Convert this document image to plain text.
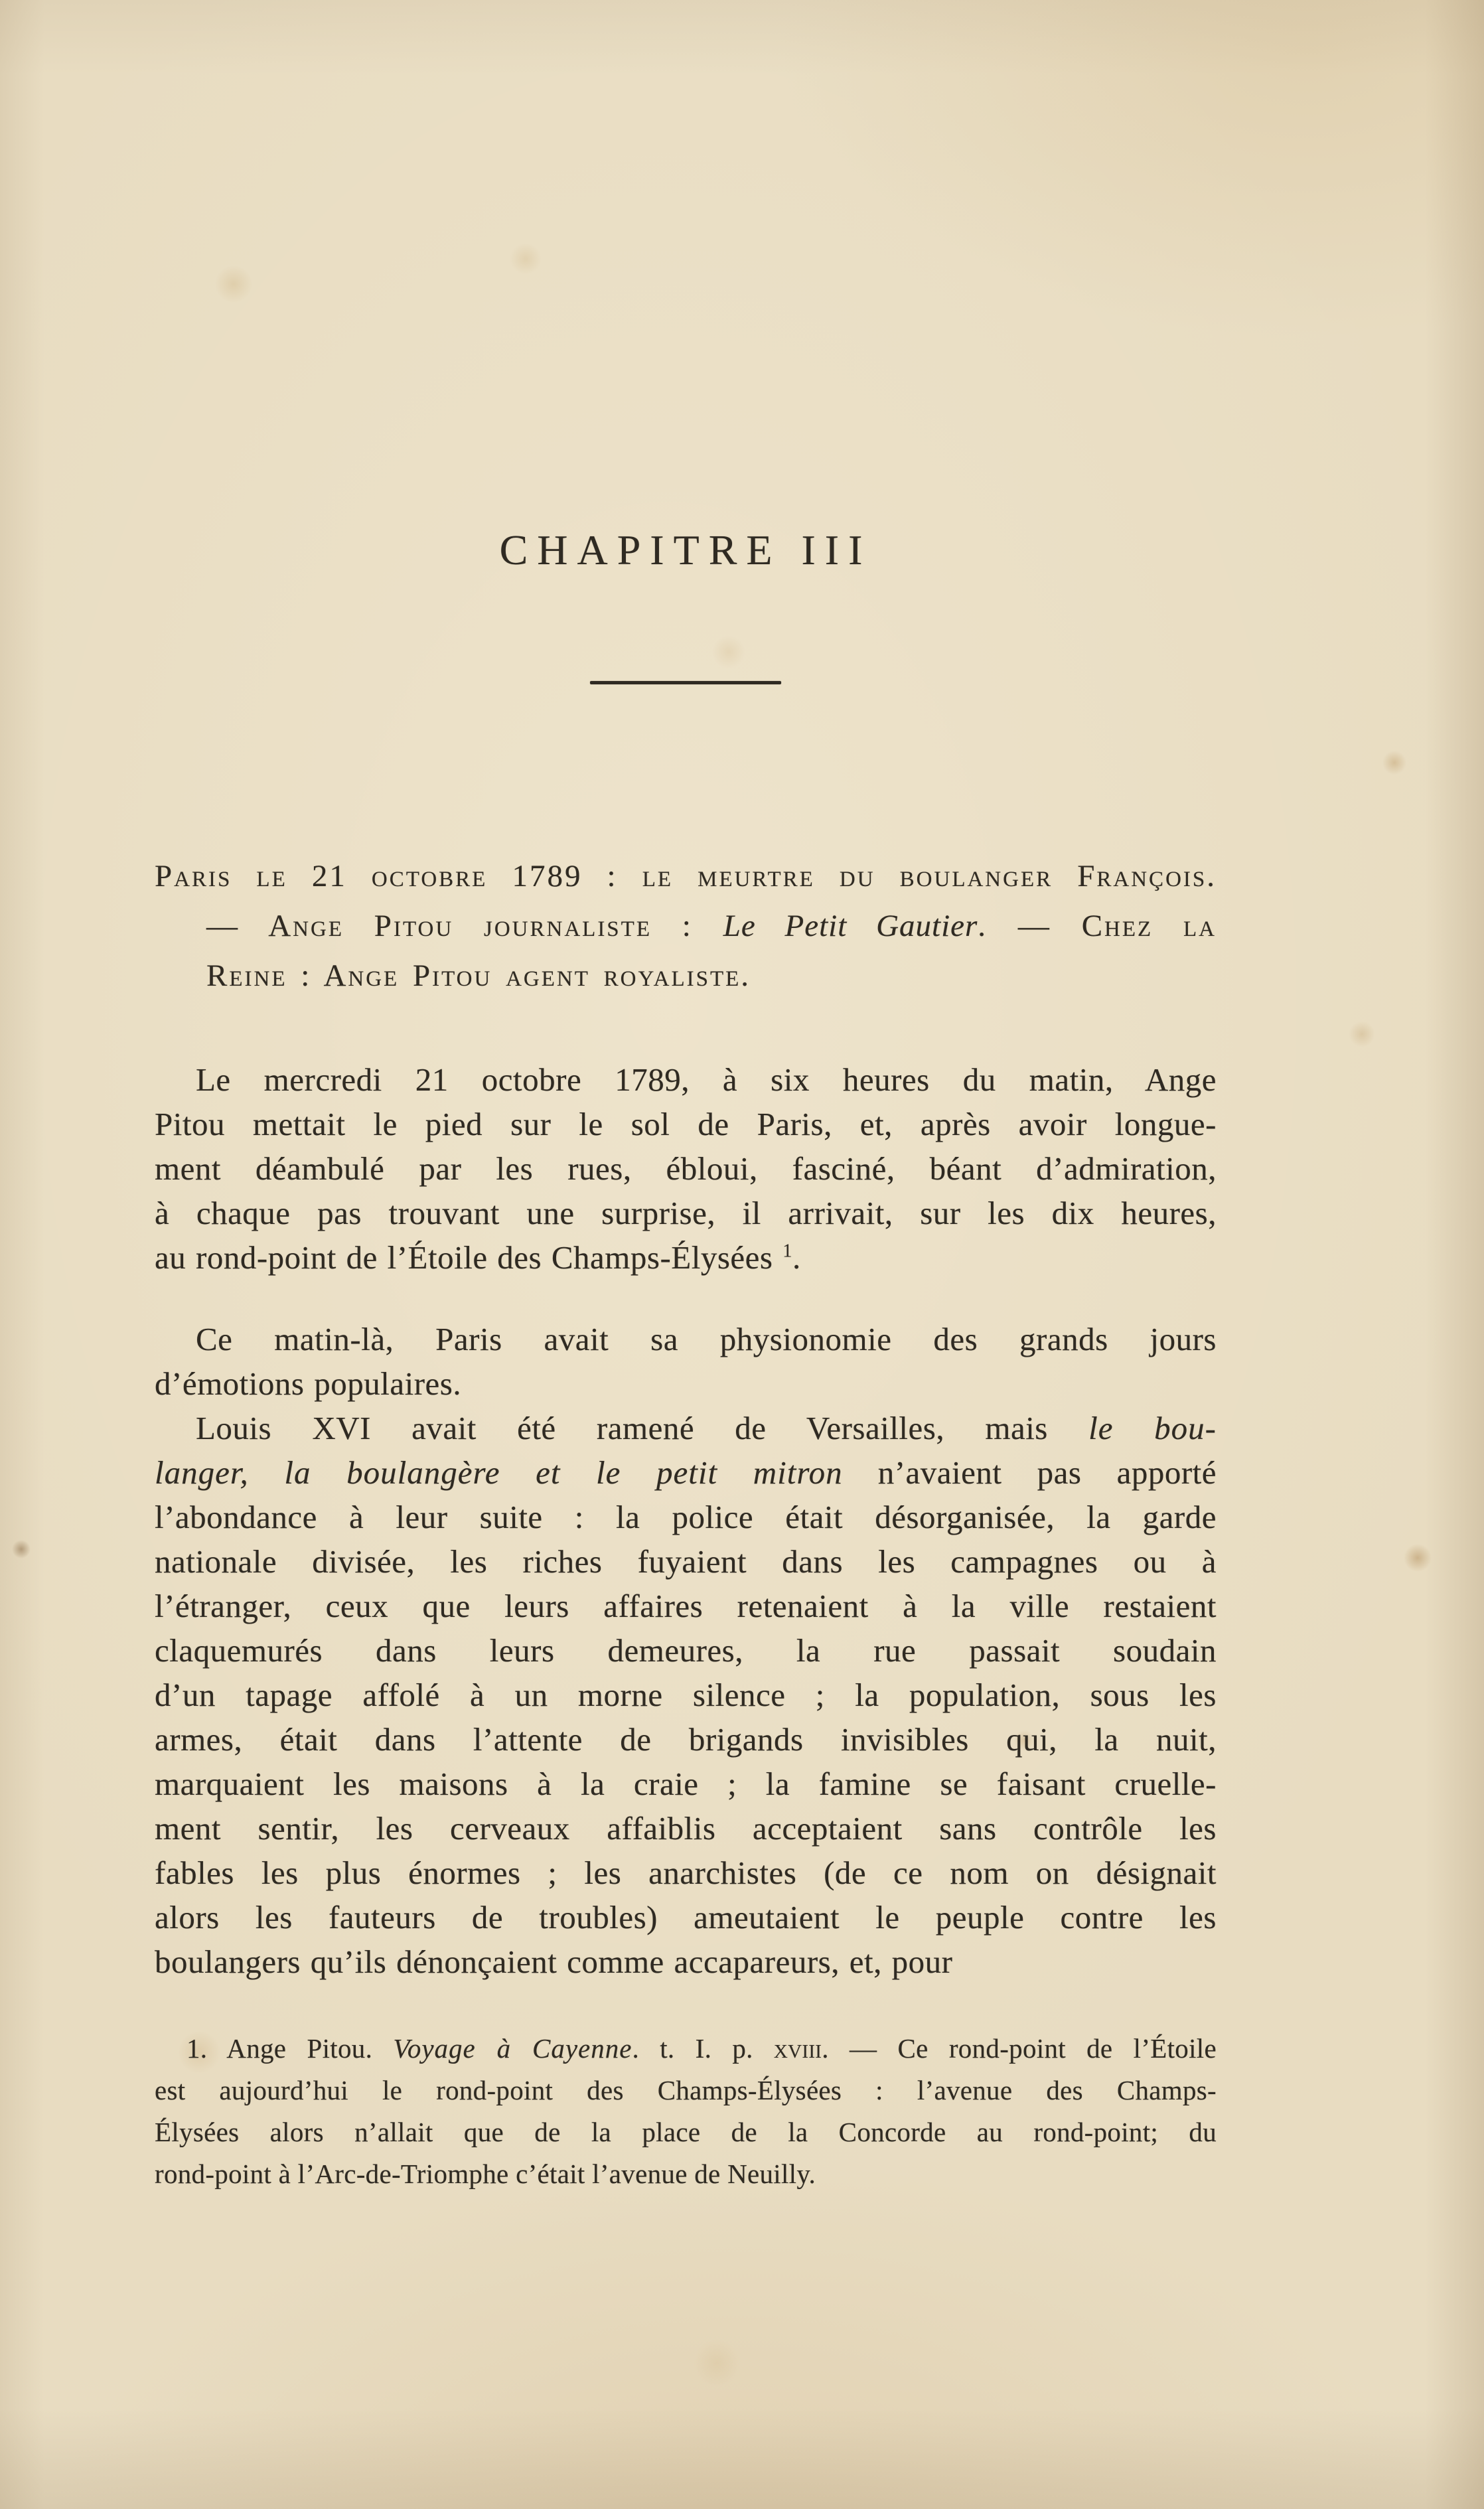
CHAPITRE III
Paris le 21 octobre 1789 : le meurtre du boulanger François.
— Ange Pitou journaliste : Le Petit Gautier. — Chez la
Reine : Ange Pitou agent royaliste.
Le mercredi 21 octobre 1789, à six heures du matin, Ange
Pitou mettait le pied sur le sol de Paris, et, après avoir longue-
ment déambulé par les rues, ébloui, fasciné, béant d’admiration,
à chaque pas trouvant une surprise, il arrivait, sur les dix heures,
au rond-point de l’Étoile des Champs-Élysées $^1$.
Ce matin-là, Paris avait sa physionomie des grands jours
d’émotions populaires.
Louis XVI avait été ramené de Versailles, mais le bou-
langer, la boulangère et le petit mitron n’avaient pas apporté
l’abondance à leur suite : la police était désorganisée, la garde
nationale divisée, les riches fuyaient dans les campagnes ou à
l’étranger, ceux que leurs affaires retenaient à la ville restaient
claquemurés dans leurs demeures, la rue passait soudain
d’un tapage affolé à un morne silence ; la population, sous les
armes, était dans l’attente de brigands invisibles qui, la nuit,
marquaient les maisons à la craie ; la famine se faisant cruelle-
ment sentir, les cerveaux affaiblis acceptaient sans contrôle les
fables les plus énormes ; les anarchistes (de ce nom on désignait
alors les fauteurs de troubles) ameutaient le peuple contre les
boulangers qu’ils dénonçaient comme accapareurs, et, pour
1. Ange Pitou. Voyage à Cayenne. t. I. p. xviii. — Ce rond-point de l’Étoile
est aujourd’hui le rond-point des Champs-Élysées : l’avenue des Champs-
Élysées alors n’allait que de la place de la Concorde au rond-point; du
rond-point à l’Arc-de-Triomphe c’était l’avenue de Neuilly.
